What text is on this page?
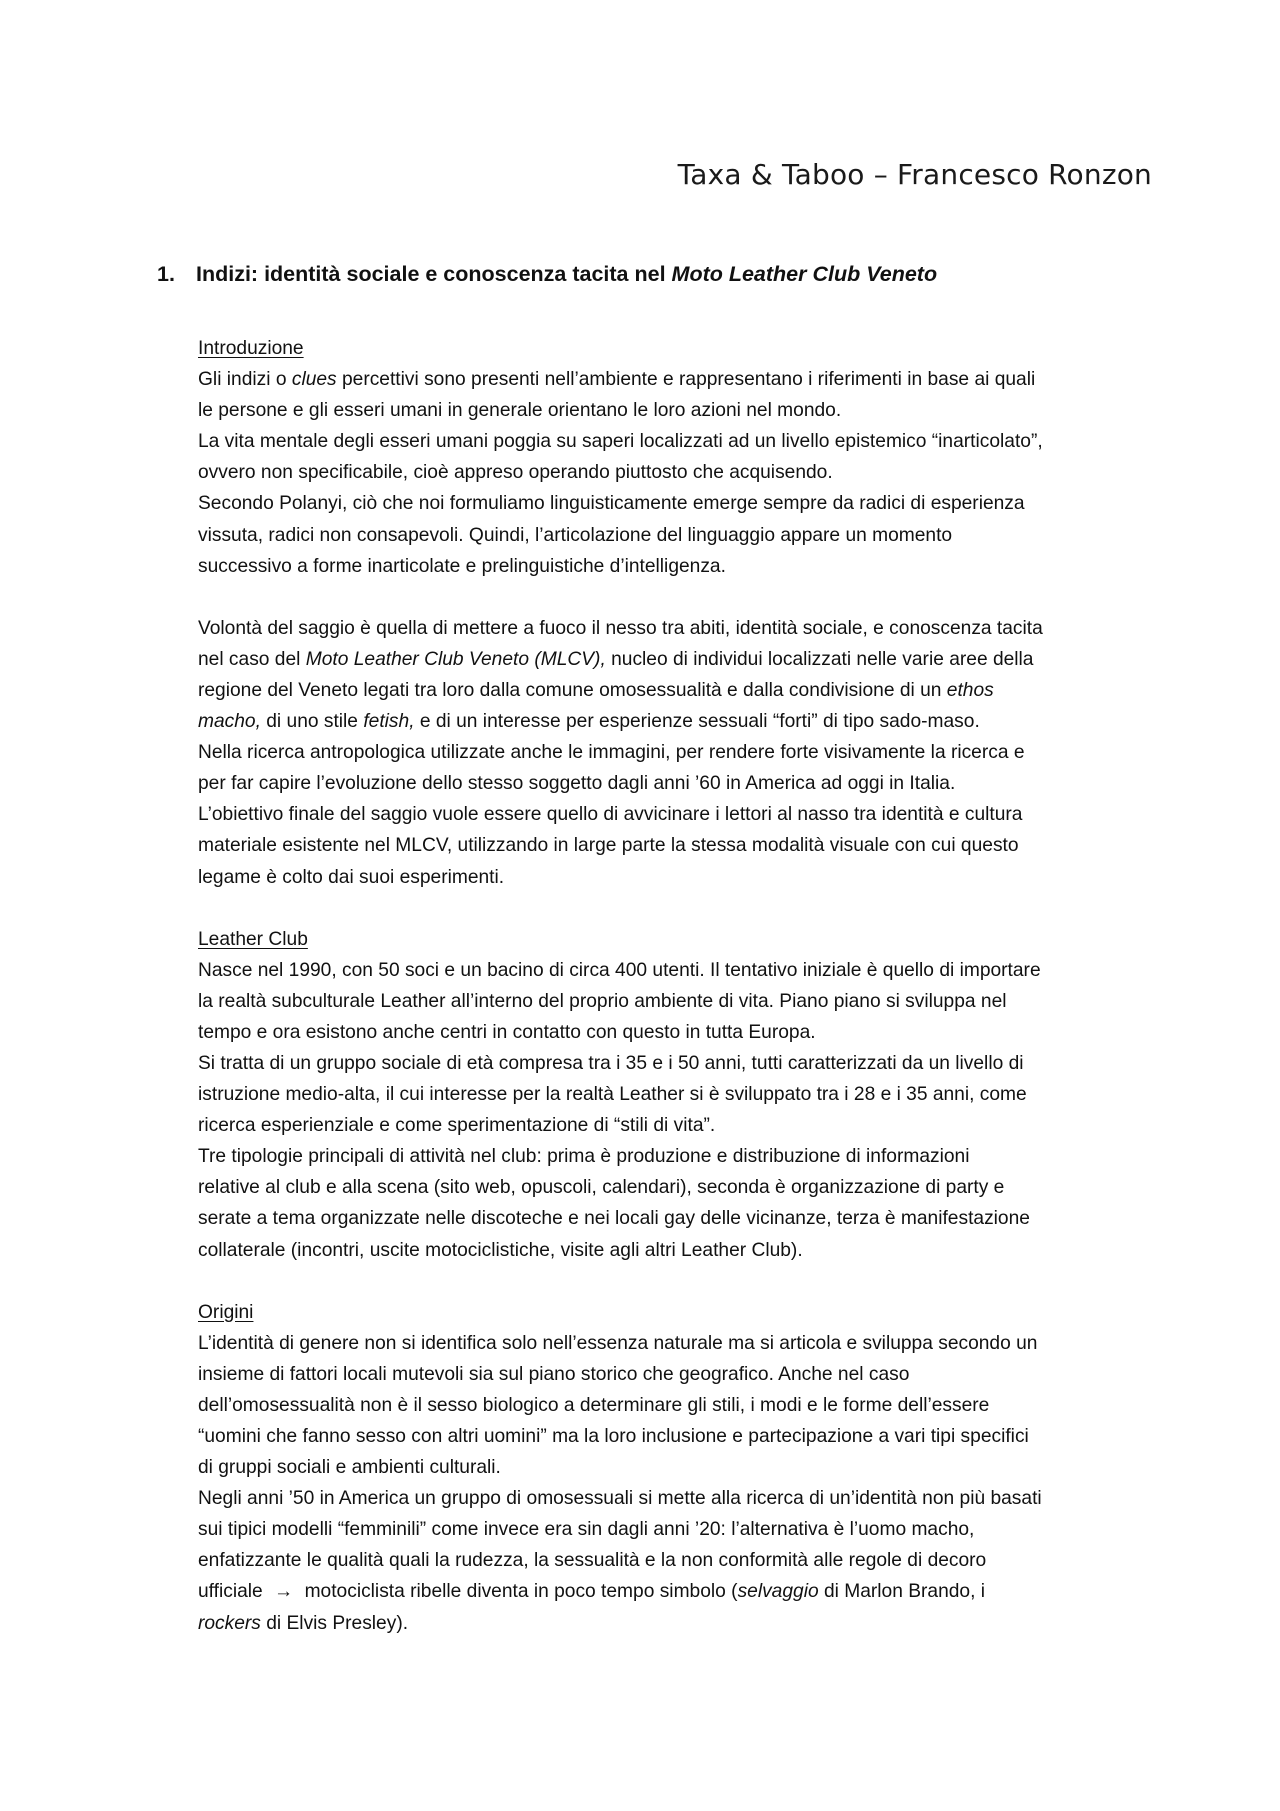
Taxa & Taboo – Francesco Ronzon
1. Indizi: identità sociale e conoscenza tacita nel Moto Leather Club Veneto
Introduzione
Gli indizi o clues percettivi sono presenti nell’ambiente e rappresentano i riferimenti in base ai quali
le persone e gli esseri umani in generale orientano le loro azioni nel mondo.
La vita mentale degli esseri umani poggia su saperi localizzati ad un livello epistemico “inarticolato”,
ovvero non specificabile, cioè appreso operando piuttosto che acquisendo.
Secondo Polanyi, ciò che noi formuliamo linguisticamente emerge sempre da radici di esperienza
vissuta, radici non consapevoli. Quindi, l’articolazione del linguaggio appare un momento
successivo a forme inarticolate e prelinguistiche d’intelligenza.
Volontà del saggio è quella di mettere a fuoco il nesso tra abiti, identità sociale, e conoscenza tacita
nel caso del Moto Leather Club Veneto (MLCV), nucleo di individui localizzati nelle varie aree della
regione del Veneto legati tra loro dalla comune omosessualità e dalla condivisione di un ethos
macho, di uno stile fetish, e di un interesse per esperienze sessuali “forti” di tipo sado-maso.
Nella ricerca antropologica utilizzate anche le immagini, per rendere forte visivamente la ricerca e
per far capire l’evoluzione dello stesso soggetto dagli anni ’60 in America ad oggi in Italia.
L’obiettivo finale del saggio vuole essere quello di avvicinare i lettori al nasso tra identità e cultura
materiale esistente nel MLCV, utilizzando in large parte la stessa modalità visuale con cui questo
legame è colto dai suoi esperimenti.
Leather Club
Nasce nel 1990, con 50 soci e un bacino di circa 400 utenti. Il tentativo iniziale è quello di importare
la realtà subculturale Leather all’interno del proprio ambiente di vita. Piano piano si sviluppa nel
tempo e ora esistono anche centri in contatto con questo in tutta Europa.
Si tratta di un gruppo sociale di età compresa tra i 35 e i 50 anni, tutti caratterizzati da un livello di
istruzione medio-alta, il cui interesse per la realtà Leather si è sviluppato tra i 28 e i 35 anni, come
ricerca esperienziale e come sperimentazione di “stili di vita”.
Tre tipologie principali di attività nel club: prima è produzione e distribuzione di informazioni
relative al club e alla scena (sito web, opuscoli, calendari), seconda è organizzazione di party e
serate a tema organizzate nelle discoteche e nei locali gay delle vicinanze, terza è manifestazione
collaterale (incontri, uscite motociclistiche, visite agli altri Leather Club).
Origini
L’identità di genere non si identifica solo nell’essenza naturale ma si articola e sviluppa secondo un
insieme di fattori locali mutevoli sia sul piano storico che geografico. Anche nel caso
dell’omosessualità non è il sesso biologico a determinare gli stili, i modi e le forme dell’essere
“uomini che fanno sesso con altri uomini” ma la loro inclusione e partecipazione a vari tipi specifici
di gruppi sociali e ambienti culturali.
Negli anni ’50 in America un gruppo di omosessuali si mette alla ricerca di un’identità non più basati
sui tipici modelli “femminili” come invece era sin dagli anni ’20: l’alternativa è l’uomo macho,
enfatizzante le qualità quali la rudezza, la sessualità e la non conformità alle regole di decoro
ufficiale → motociclista ribelle diventa in poco tempo simbolo (selvaggio di Marlon Brando, i
rockers di Elvis Presley).
